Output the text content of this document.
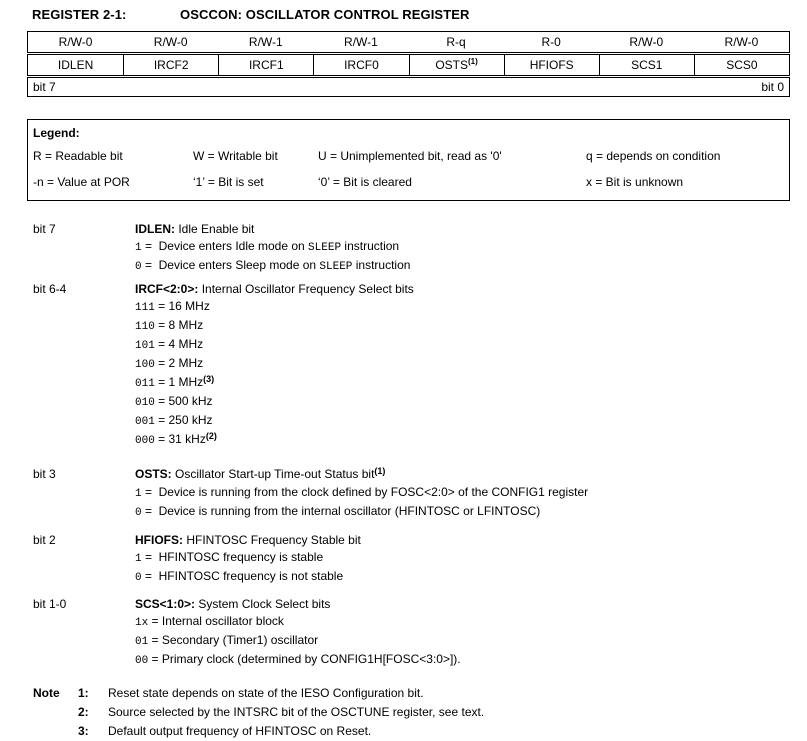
REGISTER 2-1:	OSCCON: OSCILLATOR CONTROL REGISTER
R/W-0	R/W-0	R/W-1	R/W-1	R-q	R-0	R/W-0	R/W-0
IDLEN	IRCF2	IRCF1	IRCF0	OSTS (1)	HFIOFS	SCS1	SCS0
bit 7	bit 0
Legend:
R = Readable bit	W = Writable bit	U = Unimplemented bit, read as '0'	q = depends on condition
-n = Value at POR	‘1’ = Bit is set	‘0’ = Bit is cleared	x = Bit is unknown
bit 7	IDLEN: Idle Enable bit
1 =  Device enters Idle mode on SLEEP instruction
0 =  Device enters Sleep mode on SLEEP instruction
bit 6-4	IRCF<2:0>: Internal Oscillator Frequency Select bits
111 = 16 MHz
110 = 8 MHz
101 = 4 MHz
100 = 2 MHz
011 = 1 MHz$^{(3)}$
010 = 500 kHz
001 = 250 kHz
000 = 31 kHz$^{(2)}$
bit 3	OSTS: Oscillator Start-up Time-out Status bit$^{(1)}$
1 =  Device is running from the clock defined by FOSC<2:0> of the CONFIG1 register
0 =  Device is running from the internal oscillator (HFINTOSC or LFINTOSC)
bit 2	HFIOFS: HFINTOSC Frequency Stable bit
1 =  HFINTOSC frequency is stable
0 =  HFINTOSC frequency is not stable
bit 1-0	SCS<1:0>: System Clock Select bits
1x = Internal oscillator block
01 = Secondary (Timer1) oscillator
00 = Primary clock (determined by CONFIG1H[FOSC<3:0>]).
Note	1:	Reset state depends on state of the IESO Configuration bit.
2:	Source selected by the INTSRC bit of the OSCTUNE register, see text.
3:	Default output frequency of HFINTOSC on Reset.
